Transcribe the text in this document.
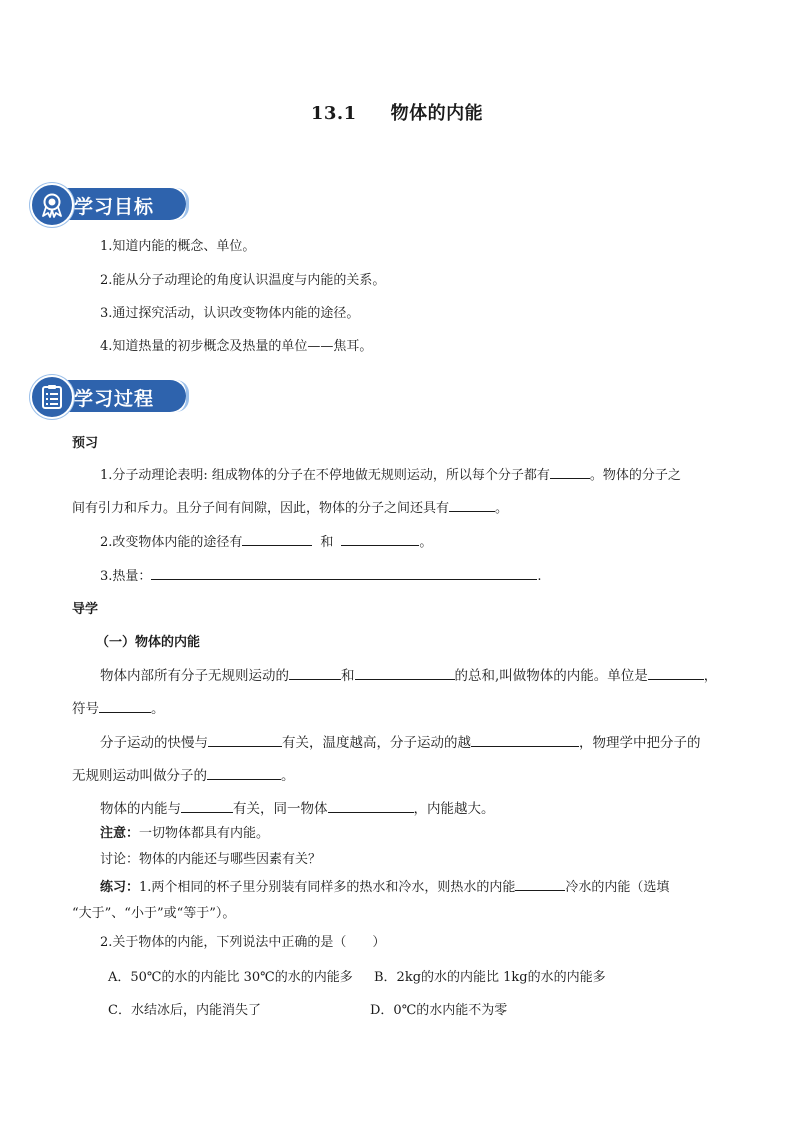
13.1 物体的内能
学习目标
1.知道内能的概念、单位。
2.能从分子动理论的角度认识温度与内能的关系。
3.通过探究活动，认识改变物体内能的途径。
4.知道热量的初步概念及热量的单位——焦耳。
学习过程
预习
1.分子动理论表明: 组成物体的分子在不停地做无规则运动，所以每个分子都有	。物体的分子之
间有引力和斥力。且分子间有间隙，因此，物体的分子之间还具有	。
2.改变物体内能的途径有	和	。
3.热量：	.
导学
（一）物体的内能
物体内部所有分子无规则运动的	和	的总和,叫做物体的内能。单位是	，
符号	。
分子运动的快慢与	有关，温度越高，分子运动的越	，物理学中把分子的
无规则运动叫做分子的	。
物体的内能与	有关，同一物体	，内能越大。
注意：一切物体都具有内能。
讨论：物体的内能还与哪些因素有关？
练习：1.两个相同的杯子里分别装有同样多的热水和冷水，则热水的内能	冷水的内能（选填
“大于”、“小于”或“等于”）。
2.关于物体的内能，下列说法中正确的是（　　）
A．50℃的水的内能比 30℃的水的内能多 B．2kg的水的内能比 1kg的水的内能多
C．水结冰后，内能消失了	D．0℃的水内能不为零
